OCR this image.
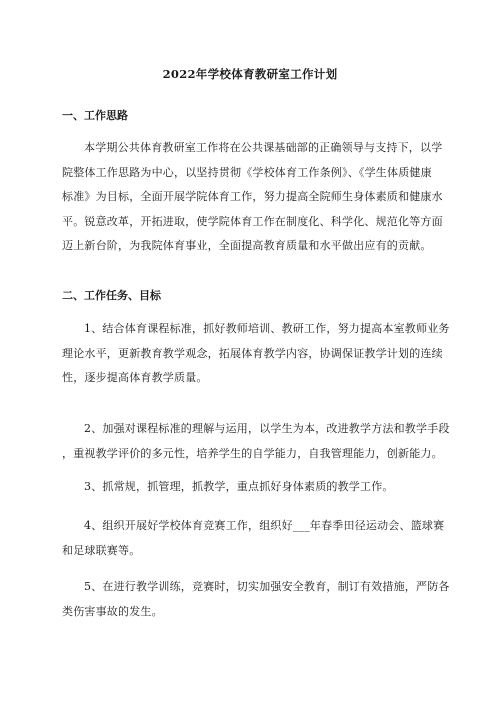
2022年学校体育教研室工作计划
一、工作思路
本学期公共体育教研室工作将在公共课基础部的正确领导与支持下，以学
院整体工作思路为中心，以坚持贯彻《学校体育工作条例》、《学生体质健康
标准》为目标，全面开展学院体育工作，努力提高全院师生身体素质和健康水
平。锐意改革，开拓进取，使学院体育工作在制度化、科学化、规范化等方面
迈上新台阶，为我院体育事业，全面提高教育质量和水平做出应有的贡献。
二、工作任务、目标
1、结合体育课程标准，抓好教师培训、教研工作，努力提高本室教师业务
理论水平，更新教育教学观念，拓展体育教学内容，协调保证教学计划的连续
性，逐步提高体育教学质量。
2、加强对课程标准的理解与运用，以学生为本，改进教学方法和教学手段
，重视教学评价的多元性，培养学生的自学能力，自我管理能力，创新能力。
3、抓常规，抓管理，抓教学，重点抓好身体素质的教学工作。
4、组织开展好学校体育竞赛工作，组织好___年春季田径运动会、篮球赛
和足球联赛等。
5、在进行教学训练，竞赛时，切实加强安全教育，制订有效措施，严防各
类伤害事故的发生。
